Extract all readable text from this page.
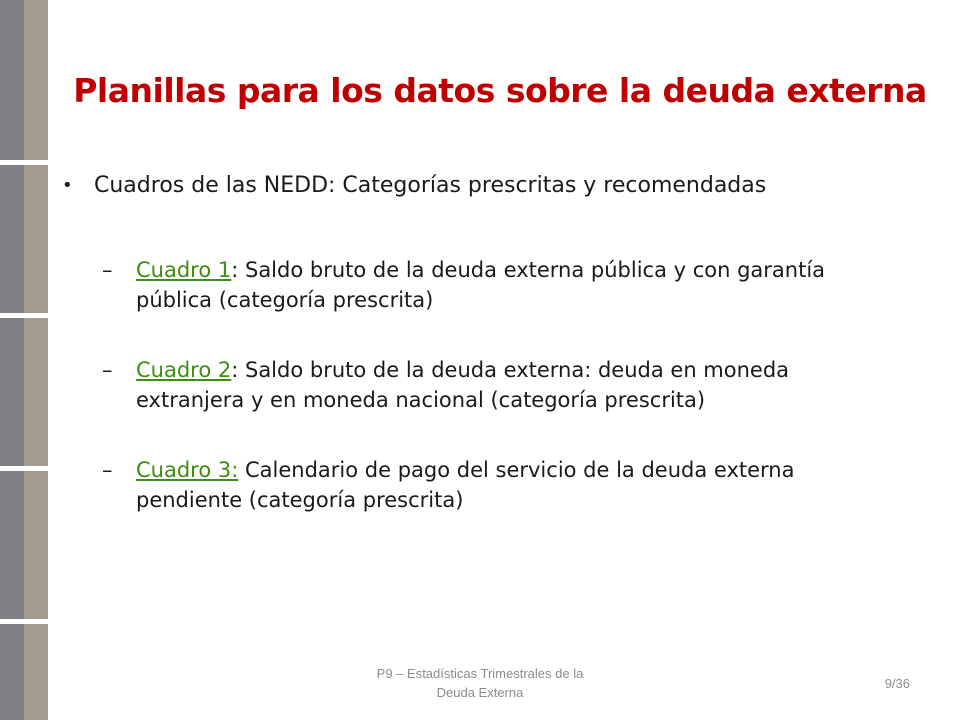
Planillas para los datos sobre la deuda externa

• Cuadros de las NEDD: Categorías prescritas y recomendadas

– Cuadro 1: Saldo bruto de la deuda externa pública y con garantía pública (categoría prescrita)

– Cuadro 2: Saldo bruto de la deuda externa: deuda en moneda extranjera y en moneda nacional (categoría prescrita)

– Cuadro 3: Calendario de pago del servicio de la deuda externa pendiente (categoría prescrita)

P9 – Estadísticas Trimestrales de la
Deuda Externa
9/36
